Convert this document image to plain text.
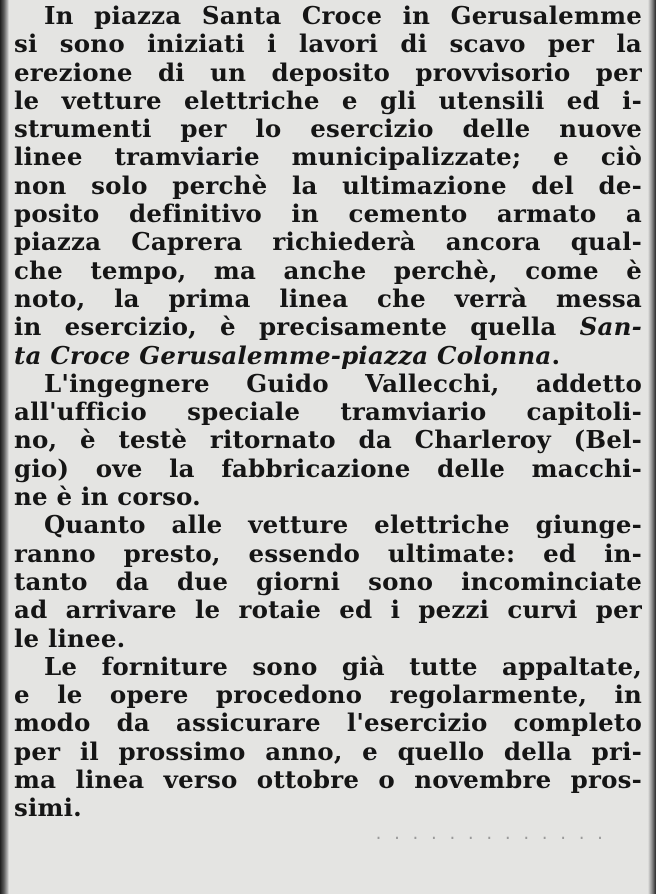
In piazza Santa Croce in Gerusalemme
si sono iniziati i lavori di scavo per la
erezione di un deposito provvisorio per
le vetture elettriche e gli utensili ed i-
strumenti per lo esercizio delle nuove
linee tramviarie municipalizzate; e ciò
non solo perchè la ultimazione del de-
posito definitivo in cemento armato a
piazza Caprera richiederà ancora qual-
che tempo, ma anche perchè, come è
noto, la prima linea che verrà messa
in esercizio, è precisamente quella San-
ta Croce Gerusalemme-piazza Colonna.
L'ingegnere Guido Vallecchi, addetto
all'ufficio speciale tramviario capitoli-
no, è testè ritornato da Charleroy (Bel-
gio) ove la fabbricazione delle macchi-
ne è in corso.
Quanto alle vetture elettriche giunge-
ranno presto, essendo ultimate: ed in-
tanto da due giorni sono incominciate
ad arrivare le rotaie ed i pezzi curvi per
le linee.
Le forniture sono già tutte appaltate,
e le opere procedono regolarmente, in
modo da assicurare l'esercizio completo
per il prossimo anno, e quello della pri-
ma linea verso ottobre o novembre pros-
simi.
. . . . . . . . . . . . .
